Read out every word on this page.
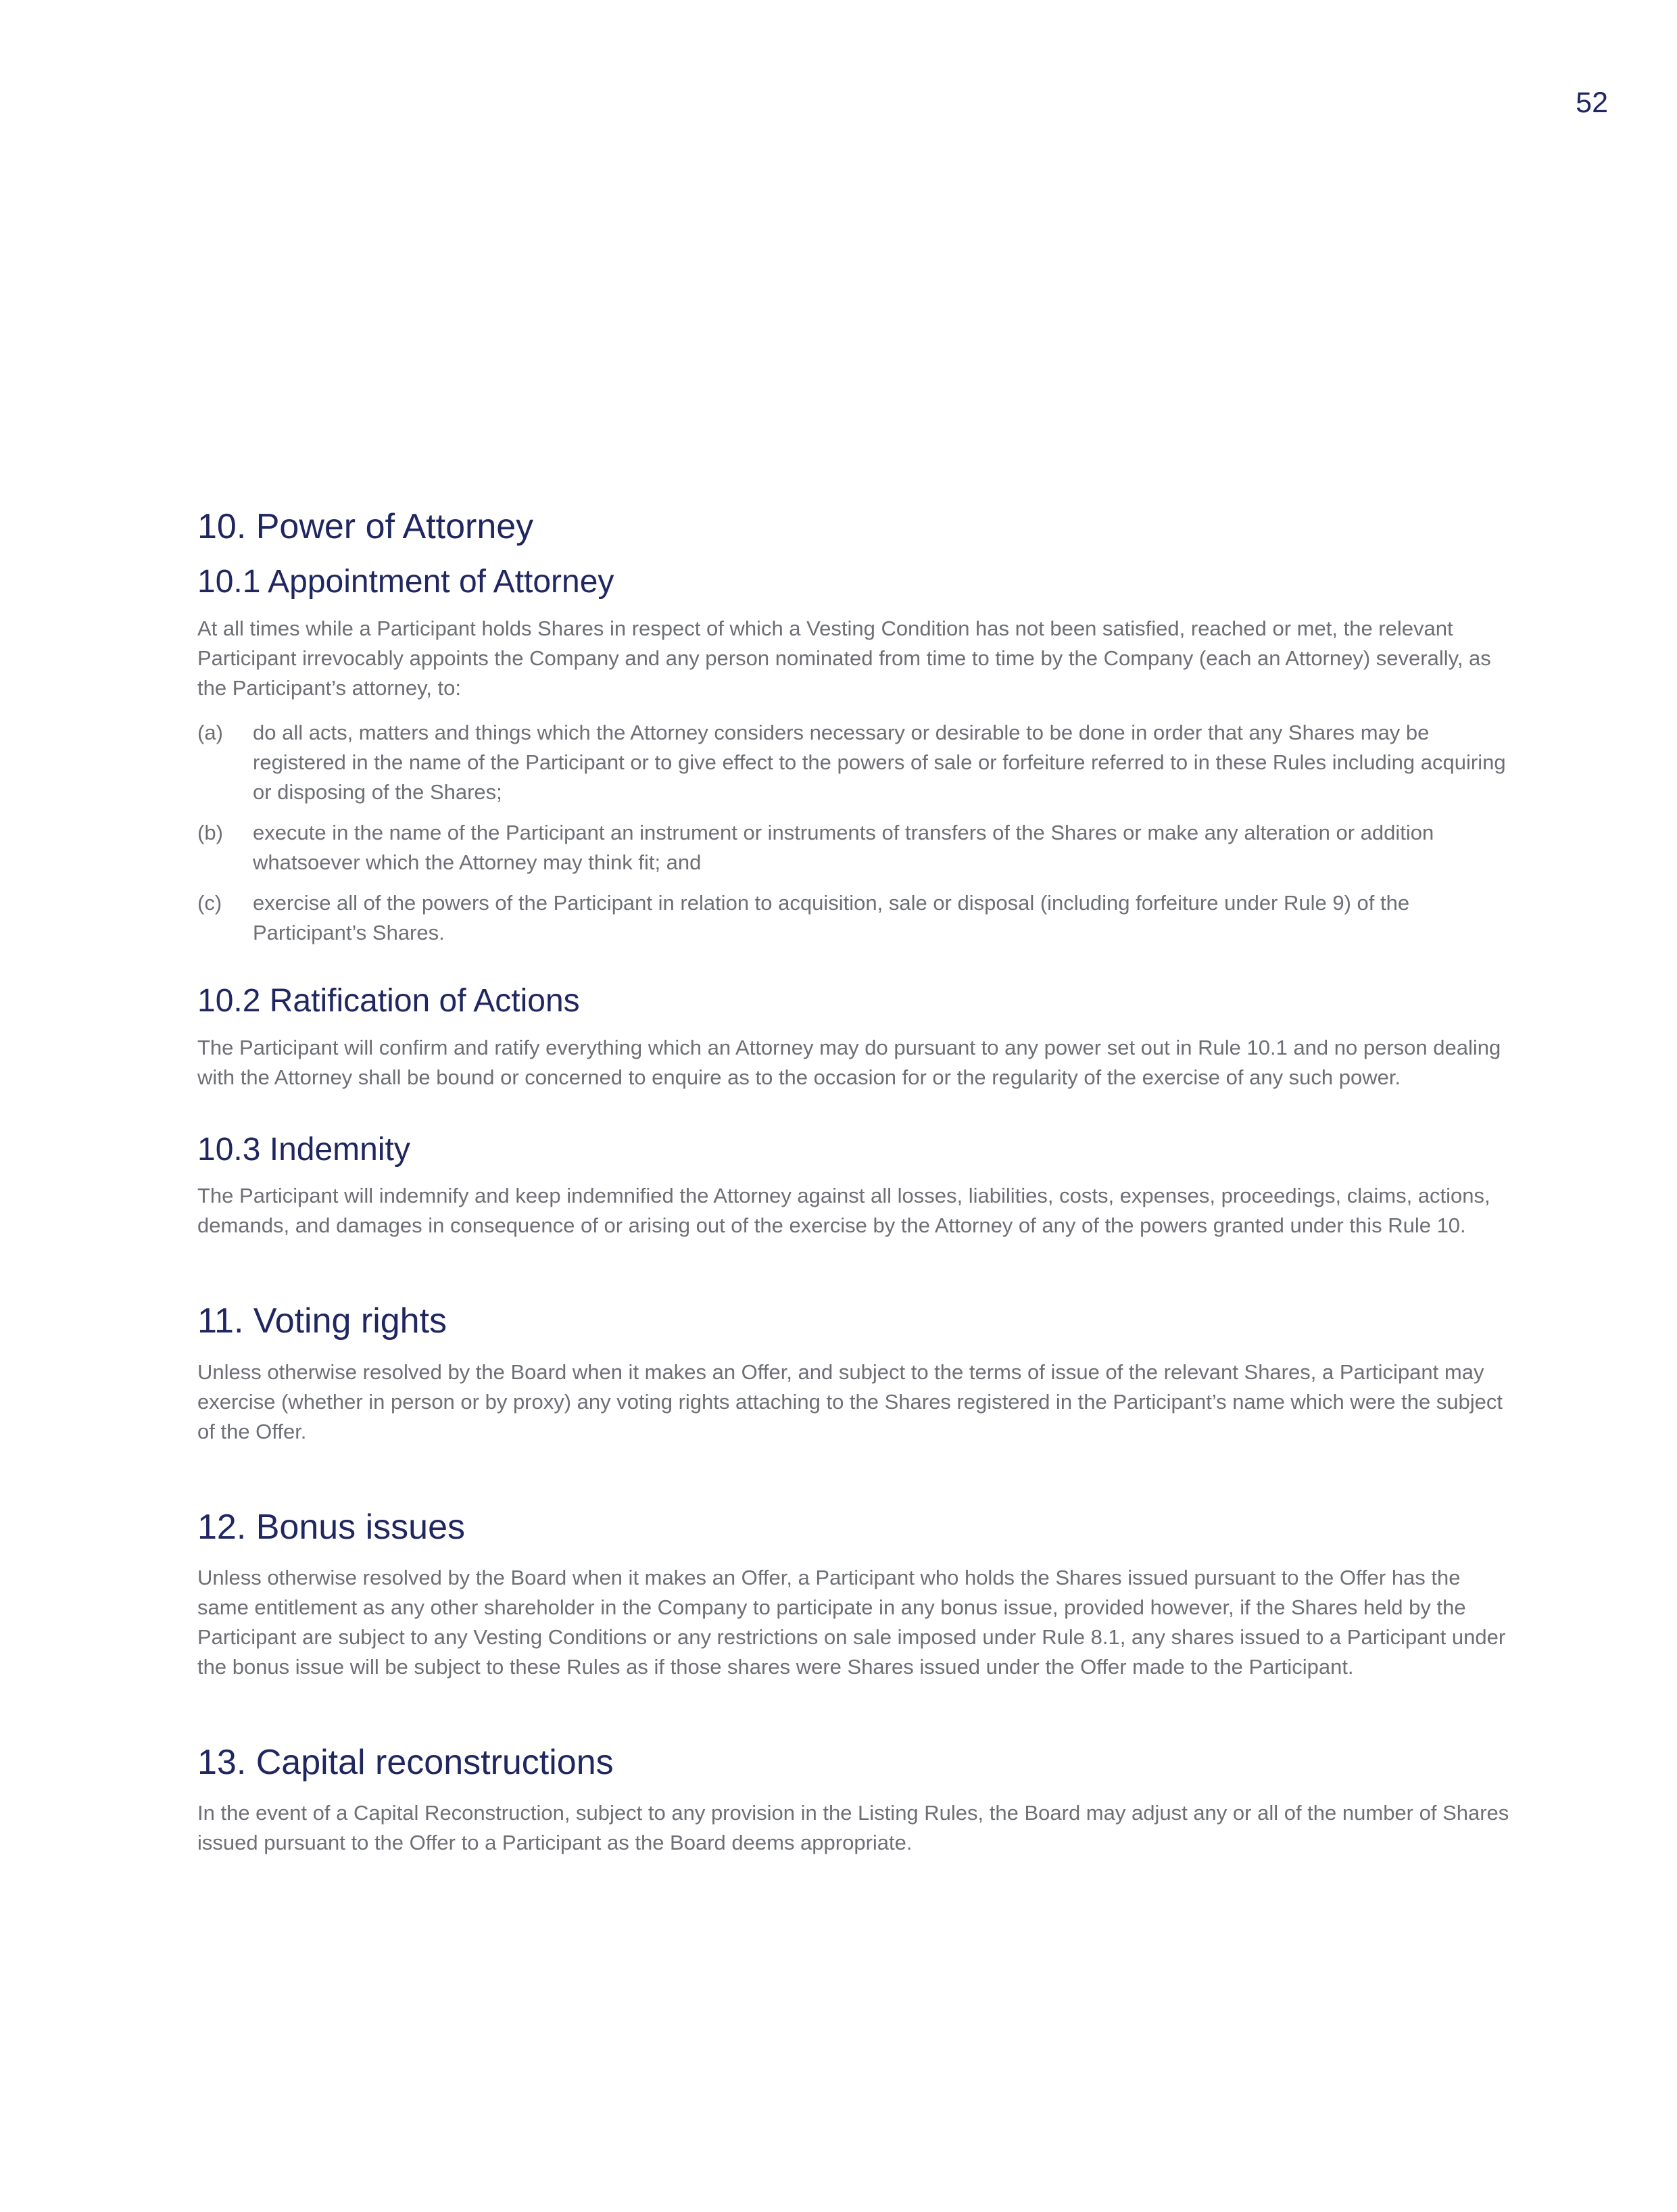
52

10. Power of Attorney
10.1 Appointment of Attorney

At all times while a Participant holds Shares in respect of which a Vesting Condition has not been satisfied, reached or met, the relevant Participant irrevocably appoints the Company and any person nominated from time to time by the Company (each an Attorney) severally, as the Participant’s attorney, to:

(a)	do all acts, matters and things which the Attorney considers necessary or desirable to be done in order that any Shares may be registered in the name of the Participant or to give effect to the powers of sale or forfeiture referred to in these Rules including acquiring or disposing of the Shares;
(b)	execute in the name of the Participant an instrument or instruments of transfers of the Shares or make any alteration or addition whatsoever which the Attorney may think fit; and
(c)	exercise all of the powers of the Participant in relation to acquisition, sale or disposal (including forfeiture under Rule 9) of the Participant’s Shares.
10.2 Ratification of Actions

The Participant will confirm and ratify everything which an Attorney may do pursuant to any power set out in Rule 10.1 and no person dealing with the Attorney shall be bound or concerned to enquire as to the occasion for or the regularity of the exercise of any such power.

10.3 Indemnity

The Participant will indemnify and keep indemnified the Attorney against all losses, liabilities, costs, expenses, proceedings, claims, actions, demands, and damages in consequence of or arising out of the exercise by the Attorney of any of the powers granted under this Rule 10.

11. Voting rights

Unless otherwise resolved by the Board when it makes an Offer, and subject to the terms of issue of the relevant Shares, a Participant may exercise (whether in person or by proxy) any voting rights attaching to the Shares registered in the Participant’s name which were the subject of the Offer.

12. Bonus issues

Unless otherwise resolved by the Board when it makes an Offer, a Participant who holds the Shares issued pursuant to the Offer has the same entitlement as any other shareholder in the Company to participate in any bonus issue, provided however, if the Shares held by the Participant are subject to any Vesting Conditions or any restrictions on sale imposed under Rule 8.1, any shares issued to a Participant under the bonus issue will be subject to these Rules as if those shares were Shares issued under the Offer made to the Participant.

13. Capital reconstructions

In the event of a Capital Reconstruction, subject to any provision in the Listing Rules, the Board may adjust any or all of the number of Shares issued pursuant to the Offer to a Participant as the Board deems appropriate.
